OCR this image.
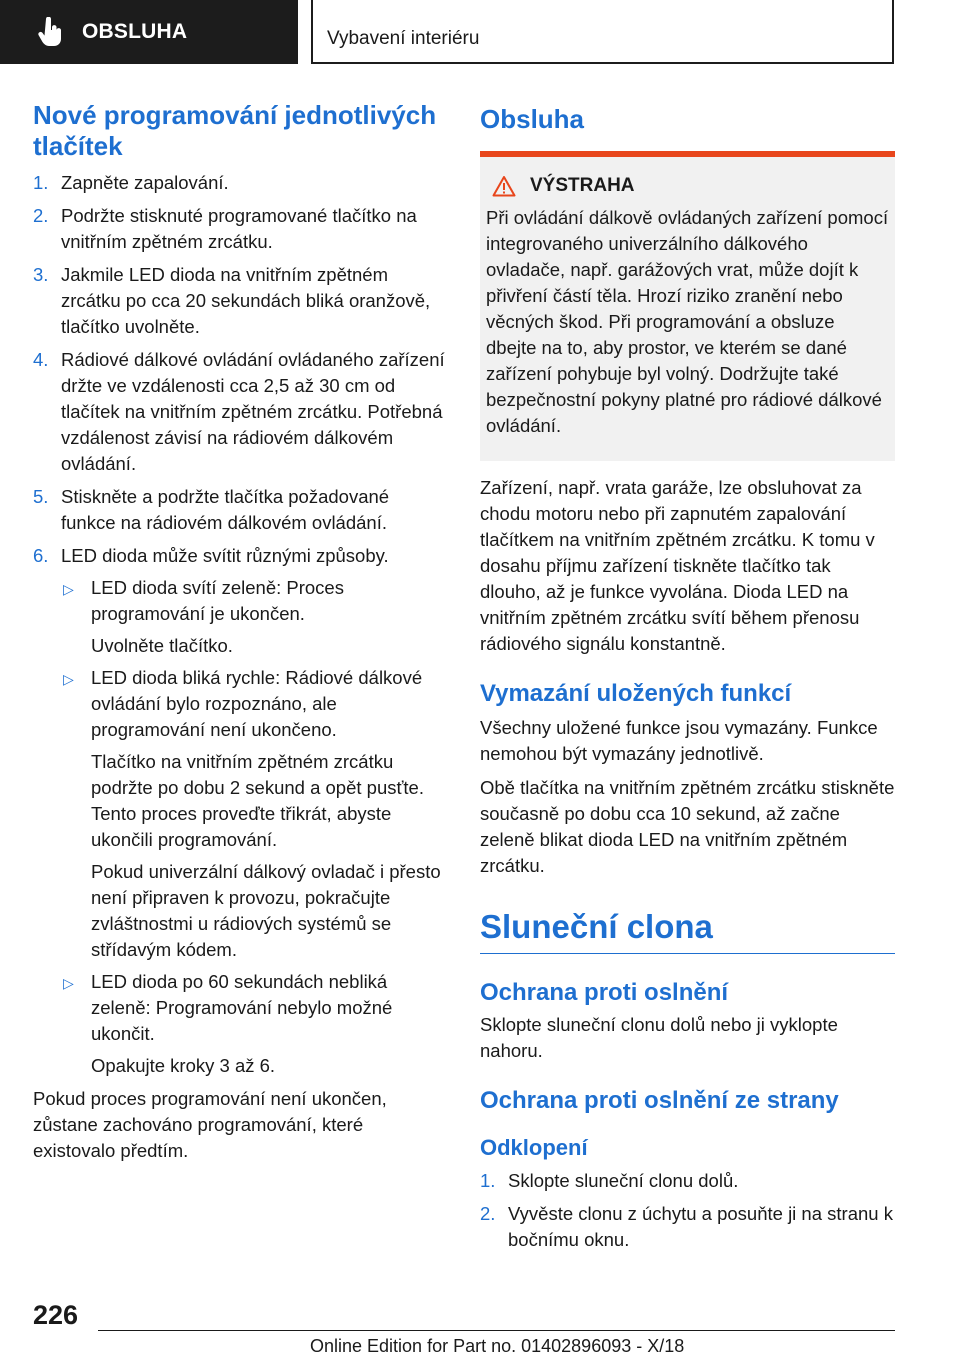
OBSLUHA	Vybavení interiéru
Nové programování jednotlivých tlačítek
1. Zapněte zapalování.
2. Podržte stisknuté programované tlačítko na vnitřním zpětném zrcátku.
3. Jakmile LED dioda na vnitřním zpětném zrcátku po cca 20 sekundách bliká oranžově, tlačítko uvolněte.
4. Rádiové dálkové ovládání ovládaného zařízení držte ve vzdálenosti cca 2,5 až 30 cm od tlačítek na vnitřním zpětném zrcátku. Potřebná vzdálenost závisí na rádiovém dálkovém ovládání.
5. Stiskněte a podržte tlačítka požadované funkce na rádiovém dálkovém ovládání.
6. LED dioda může svítit různými způsoby.
▷ LED dioda svítí zeleně: Proces programování je ukončen.
Uvolněte tlačítko.
▷ LED dioda bliká rychle: Rádiové dálkové ovládání bylo rozpoznáno, ale programování není ukončeno.
Tlačítko na vnitřním zpětném zrcátku podržte po dobu 2 sekund a opět pusťte. Tento proces proveďte třikrát, abyste ukončili programování.
Pokud univerzální dálkový ovladač i přesto není připraven k provozu, pokračujte zvláštnostmi u rádiových systémů se střídavým kódem.
▷ LED dioda po 60 sekundách nebliká zeleně: Programování nebylo možné ukončit.
Opakujte kroky 3 až 6.

Pokud proces programování není ukončen, zůstane zachováno programování, které existovalo předtím.

Obsluha
VÝSTRAHA
Při ovládání dálkově ovládaných zařízení pomocí integrovaného univerzálního dálkového ovladače, např. garážových vrat, může dojít k přivření částí těla. Hrozí riziko zranění nebo věcných škod. Při programování a obsluze dbejte na to, aby prostor, ve kterém se dané zařízení pohybuje byl volný. Dodržujte také bezpečnostní pokyny platné pro rádiové dálkové ovládání.

Zařízení, např. vrata garáže, lze obsluhovat za chodu motoru nebo při zapnutém zapalování tlačítkem na vnitřním zpětném zrcátku. K tomu v dosahu příjmu zařízení tiskněte tlačítko tak dlouho, až je funkce vyvolána. Dioda LED na vnitřním zpětném zrcátku svítí během přenosu rádiového signálu konstantně.

Vymazání uložených funkcí

Všechny uložené funkce jsou vymazány. Funkce nemohou být vymazány jednotlivě.

Obě tlačítka na vnitřním zpětném zrcátku stiskněte současně po dobu cca 10 sekund, až začne zeleně blikat dioda LED na vnitřním zpětném zrcátku.

Sluneční clona
Ochrana proti oslnění

Sklopte sluneční clonu dolů nebo ji vyklopte nahoru.

Ochrana proti oslnění ze strany
Odklopení
1. Sklopte sluneční clonu dolů.
2. Vyvěste clonu z úchytu a posuňte ji na stranu k bočnímu oknu.
226
Online Edition for Part no. 01402896093 - X/18
